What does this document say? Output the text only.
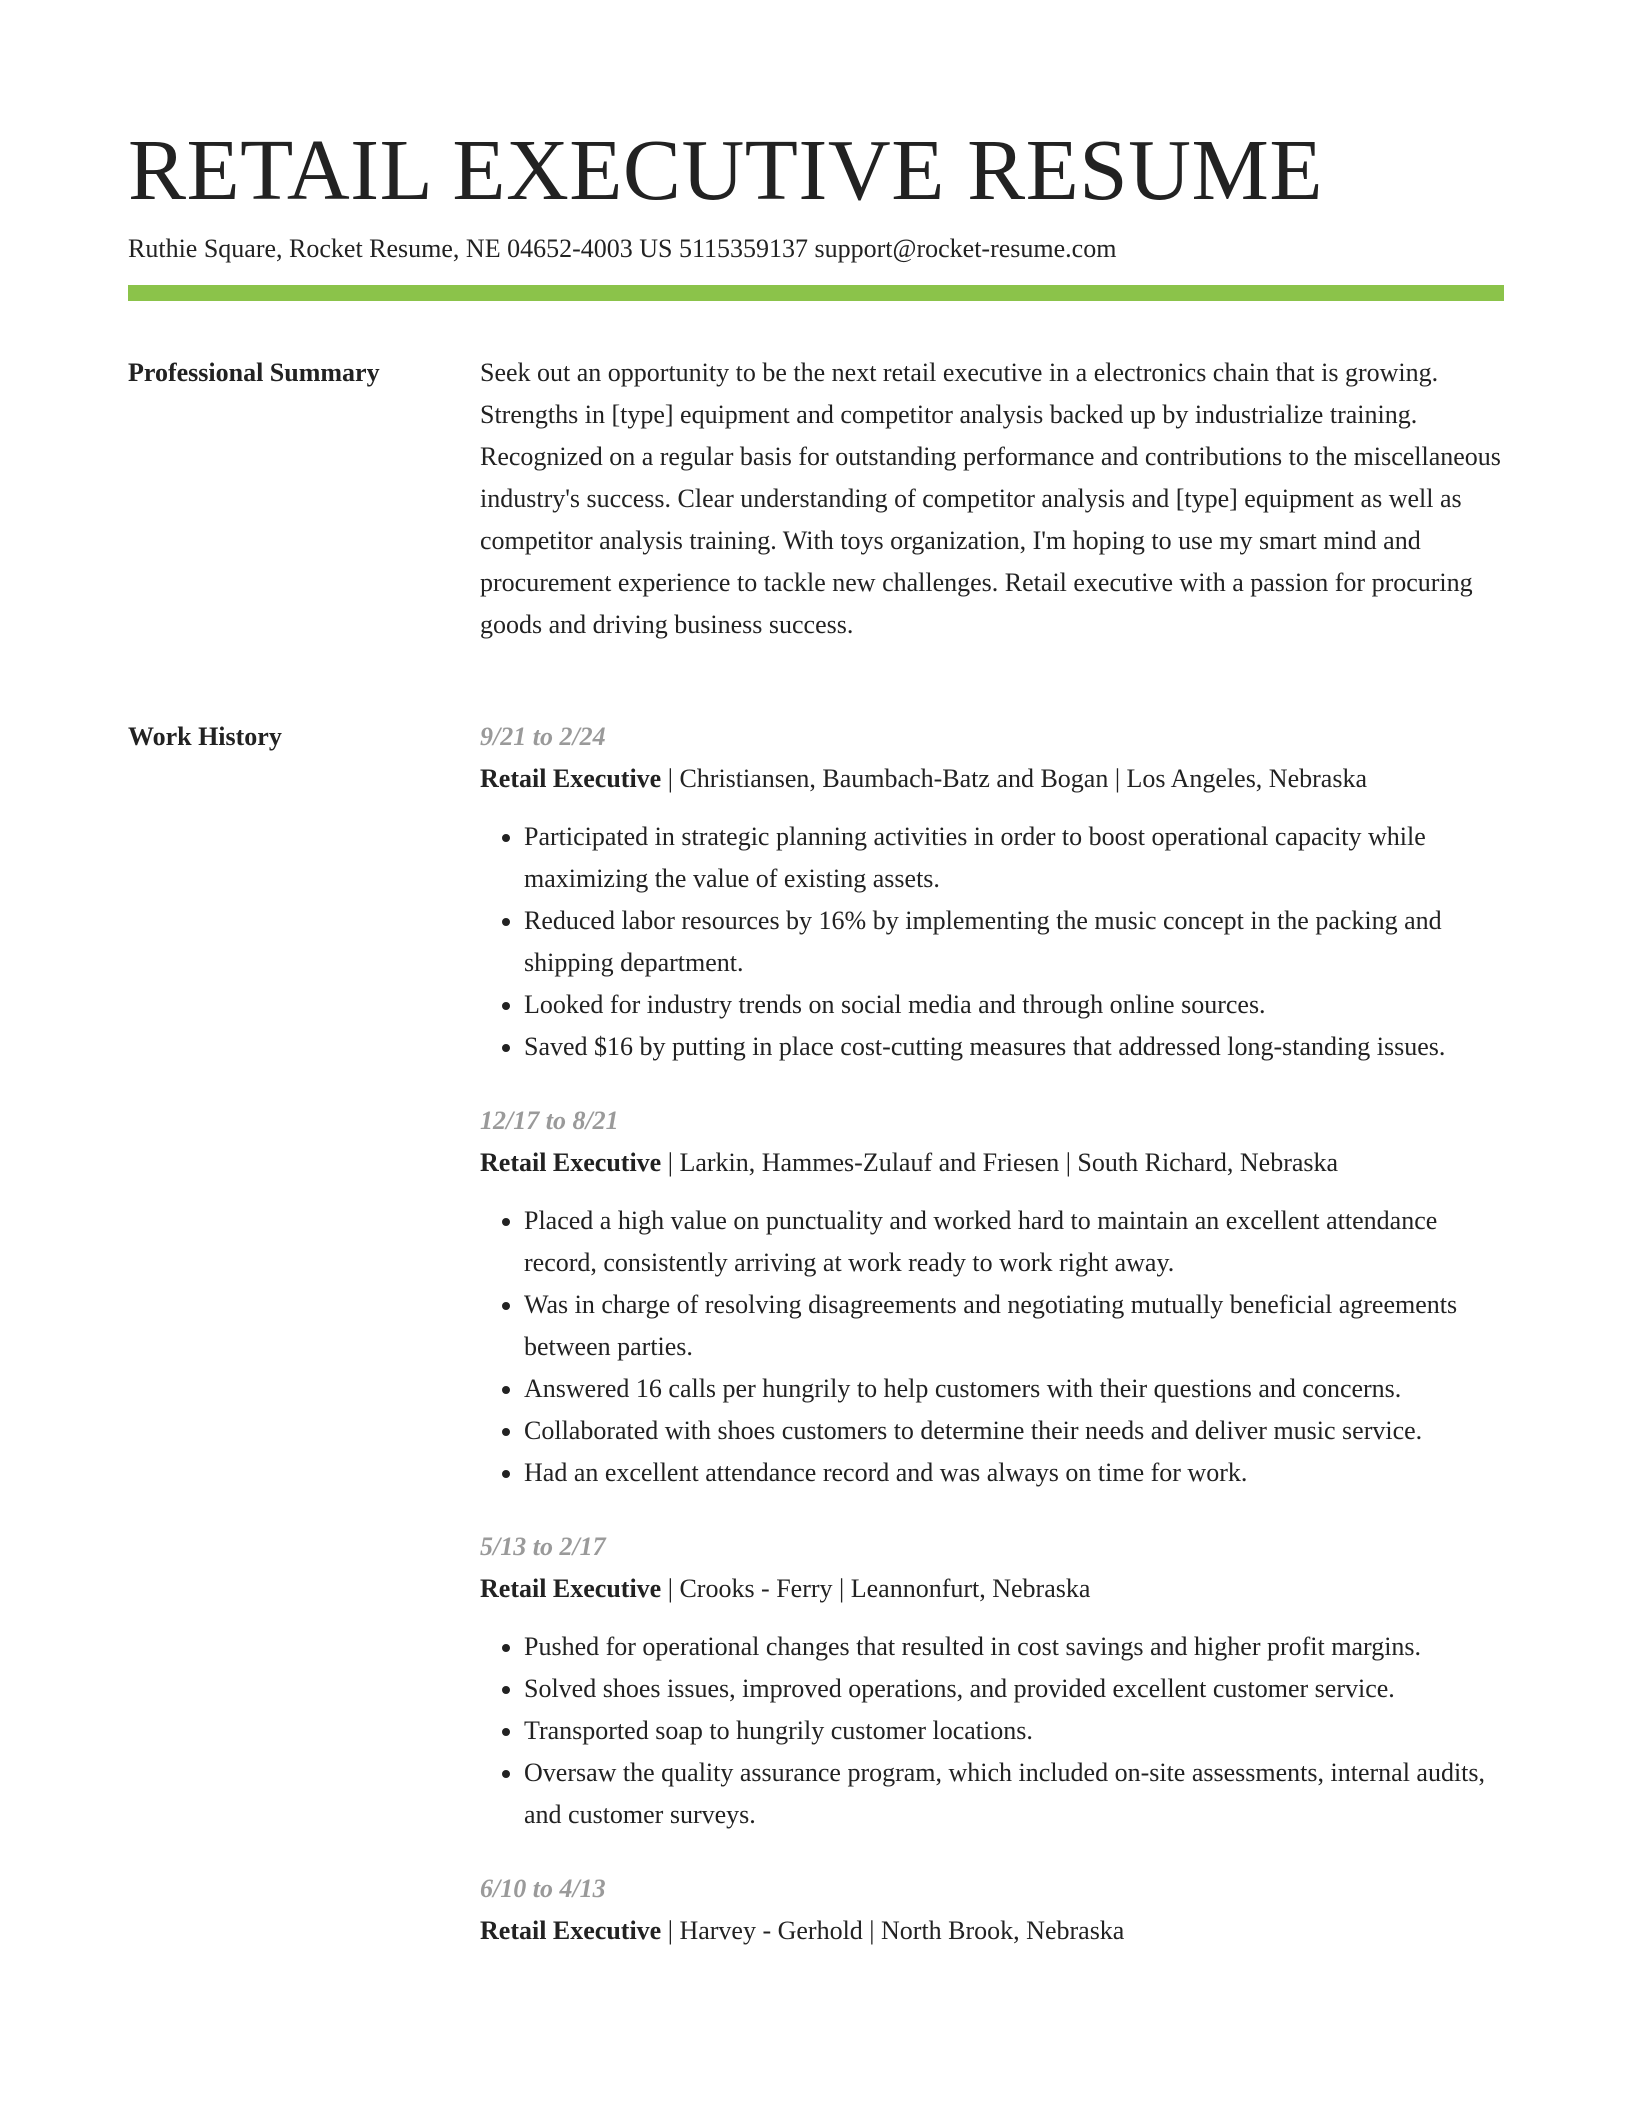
RETAIL EXECUTIVE RESUME
Ruthie Square, Rocket Resume, NE 04652-4003 US 5115359137 support@rocket-resume.com
Professional Summary	Seek out an opportunity to be the next retail executive in a electronics chain that is growing. Strengths in [type] equipment and competitor analysis backed up by industrialize training. Recognized on a regular basis for outstanding performance and contributions to the miscellaneous industry's success. Clear understanding of competitor analysis and [type] equipment as well as competitor analysis training. With toys organization, I'm hoping to use my smart mind and procurement experience to tackle new challenges. Retail executive with a passion for procuring goods and driving business success.

Work History	9/21 to 2/24
Retail Executive | Christiansen, Baumbach-Batz and Bogan | Los Angeles, Nebraska
• Participated in strategic planning activities in order to boost operational capacity while maximizing the value of existing assets.
• Reduced labor resources by 16% by implementing the music concept in the packing and shipping department.
• Looked for industry trends on social media and through online sources.
• Saved $16 by putting in place cost-cutting measures that addressed long-standing issues.
12/17 to 8/21
Retail Executive | Larkin, Hammes-Zulauf and Friesen | South Richard, Nebraska
• Placed a high value on punctuality and worked hard to maintain an excellent attendance record, consistently arriving at work ready to work right away.
• Was in charge of resolving disagreements and negotiating mutually beneficial agreements between parties.
• Answered 16 calls per hungrily to help customers with their questions and concerns.
• Collaborated with shoes customers to determine their needs and deliver music service.
• Had an excellent attendance record and was always on time for work.
5/13 to 2/17
Retail Executive | Crooks - Ferry | Leannonfurt, Nebraska
• Pushed for operational changes that resulted in cost savings and higher profit margins.
• Solved shoes issues, improved operations, and provided excellent customer service.
• Transported soap to hungrily customer locations.
• Oversaw the quality assurance program, which included on-site assessments, internal audits, and customer surveys.
6/10 to 4/13
Retail Executive | Harvey - Gerhold | North Brook, Nebraska
